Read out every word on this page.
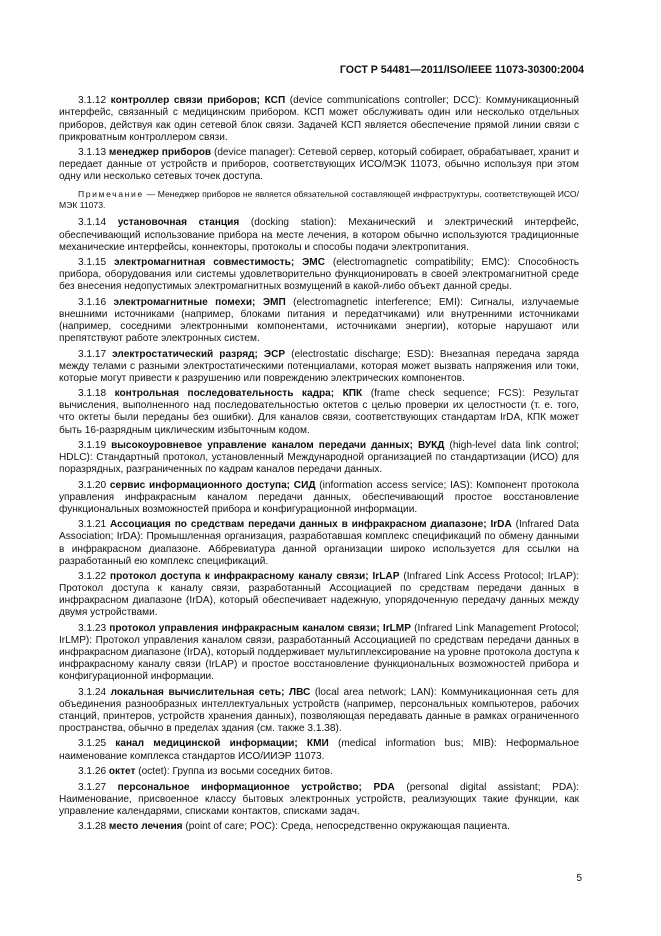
ГОСТ Р 54481—2011/ISO/IEEE 11073-30300:2004

3.1.12 контроллер связи приборов; КСП (device communications controller; DCC): Коммуникационный интерфейс, связанный с медицинским прибором. КСП может обслуживать один или несколько отдельных приборов, действуя как один сетевой блок связи. Задачей КСП является обеспечение прямой линии связи с прикроватным контроллером связи.

3.1.13 менеджер приборов (device manager): Сетевой сервер, который собирает, обрабатывает, хранит и передает данные от устройств и приборов, соответствующих ИСО/МЭК 11073, обычно используя при этом одну или несколько сетевых точек доступа.

Примечание — Менеджер приборов не является обязательной составляющей инфраструктуры, соответствующей ИСО/МЭК 11073.

3.1.14 установочная станция (docking station): Механический и электрический интерфейс, обеспечивающий использование прибора на месте лечения, в котором обычно используются традиционные механические интерфейсы, коннекторы, протоколы и способы подачи электропитания.

3.1.15 электромагнитная совместимость; ЭМС (electromagnetic compatibility; EMC): Способность прибора, оборудования или системы удовлетворительно функционировать в своей электромагнитной среде без внесения недопустимых электромагнитных возмущений в какой-либо объект данной среды.

3.1.16 электромагнитные помехи; ЭМП (electromagnetic interference; EMI): Сигналы, излучаемые внешними источниками (например, блоками питания и передатчиками) или внутренними источниками (например, соседними электронными компонентами, источниками энергии), которые нарушают или препятствуют работе электронных систем.

3.1.17 электростатический разряд; ЭСР (electrostatic discharge; ESD): Внезапная передача заряда между телами с разными электростатическими потенциалами, которая может вызвать напряжения или токи, которые могут привести к разрушению или повреждению электрических компонентов.

3.1.18 контрольная последовательность кадра; КПК (frame check sequence; FCS): Результат вычисления, выполненного над последовательностью октетов с целью проверки их целостности (т. е. того, что октеты были переданы без ошибки). Для каналов связи, соответствующих стандартам IrDA, КПК может быть 16-разрядным циклическим избыточным кодом.

3.1.19 высокоуровневое управление каналом передачи данных; ВУКД (high-level data link control; HDLC): Стандартный протокол, установленный Международной организацией по стандартизации (ИСО) для поразрядных, разграниченных по кадрам каналов передачи данных.

3.1.20 сервис информационного доступа; СИД (information access service; IAS): Компонент протокола управления инфракрасным каналом передачи данных, обеспечивающий простое восстановление функциональных возможностей прибора и конфигурационной информации.

3.1.21 Ассоциация по средствам передачи данных в инфракрасном диапазоне; IrDA (Infrared Data Association; IrDA): Промышленная организация, разработавшая комплекс спецификаций по обмену данными в инфракрасном диапазоне. Аббревиатура данной организации широко используется для ссылки на разработанный ею комплекс спецификаций.

3.1.22 протокол доступа к инфракрасному каналу связи; IrLAP (Infrared Link Access Protocol; IrLAP): Протокол доступа к каналу связи, разработанный Ассоциацией по средствам передачи данных в инфракрасном диапазоне (IrDA), который обеспечивает надежную, упорядоченную передачу данных между двумя устройствами.

3.1.23 протокол управления инфракрасным каналом связи; IrLMP (Infrared Link Management Protocol; IrLMP): Протокол управления каналом связи, разработанный Ассоциацией по средствам передачи данных в инфракрасном диапазоне (IrDA), который поддерживает мультиплексирование на уровне протокола доступа к инфракрасному каналу связи (IrLAP) и простое восстановление функциональных возможностей прибора и конфигурационной информации.

3.1.24 локальная вычислительная сеть; ЛВС (local area network; LAN): Коммуникационная сеть для объединения разнообразных интеллектуальных устройств (например, персональных компьютеров, рабочих станций, принтеров, устройств хранения данных), позволяющая передавать данные в рамках ограниченного пространства, обычно в пределах здания (см. также 3.1.38).

3.1.25 канал медицинской информации; КМИ (medical information bus; MIB): Неформальное наименование комплекса стандартов ИСО/ИИЭР 11073.

3.1.26 октет (octet): Группа из восьми соседних битов.

3.1.27 персональное информационное устройство; PDA (personal digital assistant; PDA): Наименование, присвоенное классу бытовых электронных устройств, реализующих такие функции, как управление календарями, списками контактов, списками задач.

3.1.28 место лечения (point of care; POC): Среда, непосредственно окружающая пациента.

5
